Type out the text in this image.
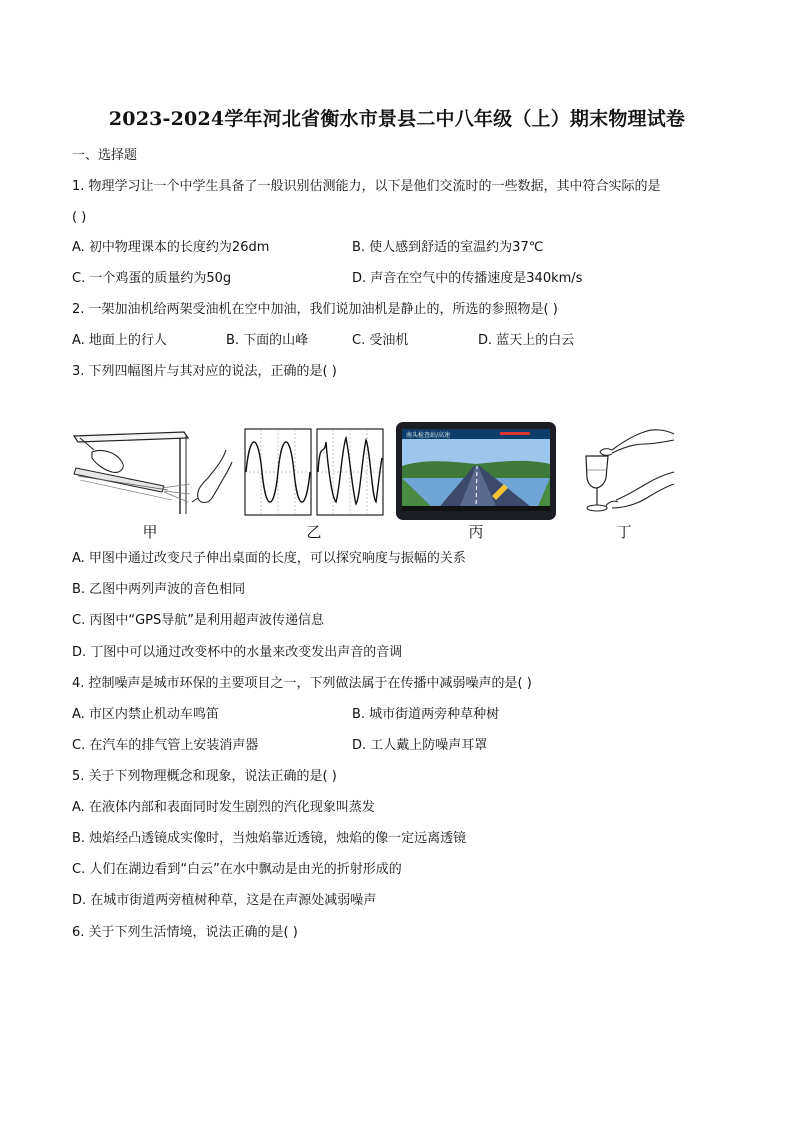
2023-2024学年河北省衡水市景县二中八年级（上）期末物理试卷
一、选择题
1. 物理学习让一个中学生具备了一般识别估测能力，以下是他们交流时的一些数据，其中符合实际的是
( )
A. 初中物理课本的长度约为26dm	B. 使人感到舒适的室温约为37℃
C. 一个鸡蛋的质量约为50g	D. 声音在空气中的传播速度是340km/s
2. 一架加油机给两架受油机在空中加油，我们说加油机是静止的，所选的参照物是( )
A. 地面上的行人	B. 下面的山峰	C. 受油机	D. 蓝天上的白云
3. 下列四幅图片与其对应的说法，正确的是( )
南头检查站/高速
甲	乙	丙	丁
A. 甲图中通过改变尺子伸出桌面的长度，可以探究响度与振幅的关系
B. 乙图中两列声波的音色相同
C. 丙图中“GPS导航”是利用超声波传递信息
D. 丁图中可以通过改变杯中的水量来改变发出声音的音调
4. 控制噪声是城市环保的主要项目之一，下列做法属于在传播中减弱噪声的是( )
A. 市区内禁止机动车鸣笛	B. 城市街道两旁种草种树
C. 在汽车的排气管上安装消声器	D. 工人戴上防噪声耳罩
5. 关于下列物理概念和现象，说法正确的是( )
A. 在液体内部和表面同时发生剧烈的汽化现象叫蒸发
B. 烛焰经凸透镜成实像时，当烛焰靠近透镜，烛焰的像一定远离透镜
C. 人们在湖边看到“白云”在水中飘动是由光的折射形成的
D. 在城市街道两旁植树种草，这是在声源处减弱噪声
6. 关于下列生活情境，说法正确的是( )
